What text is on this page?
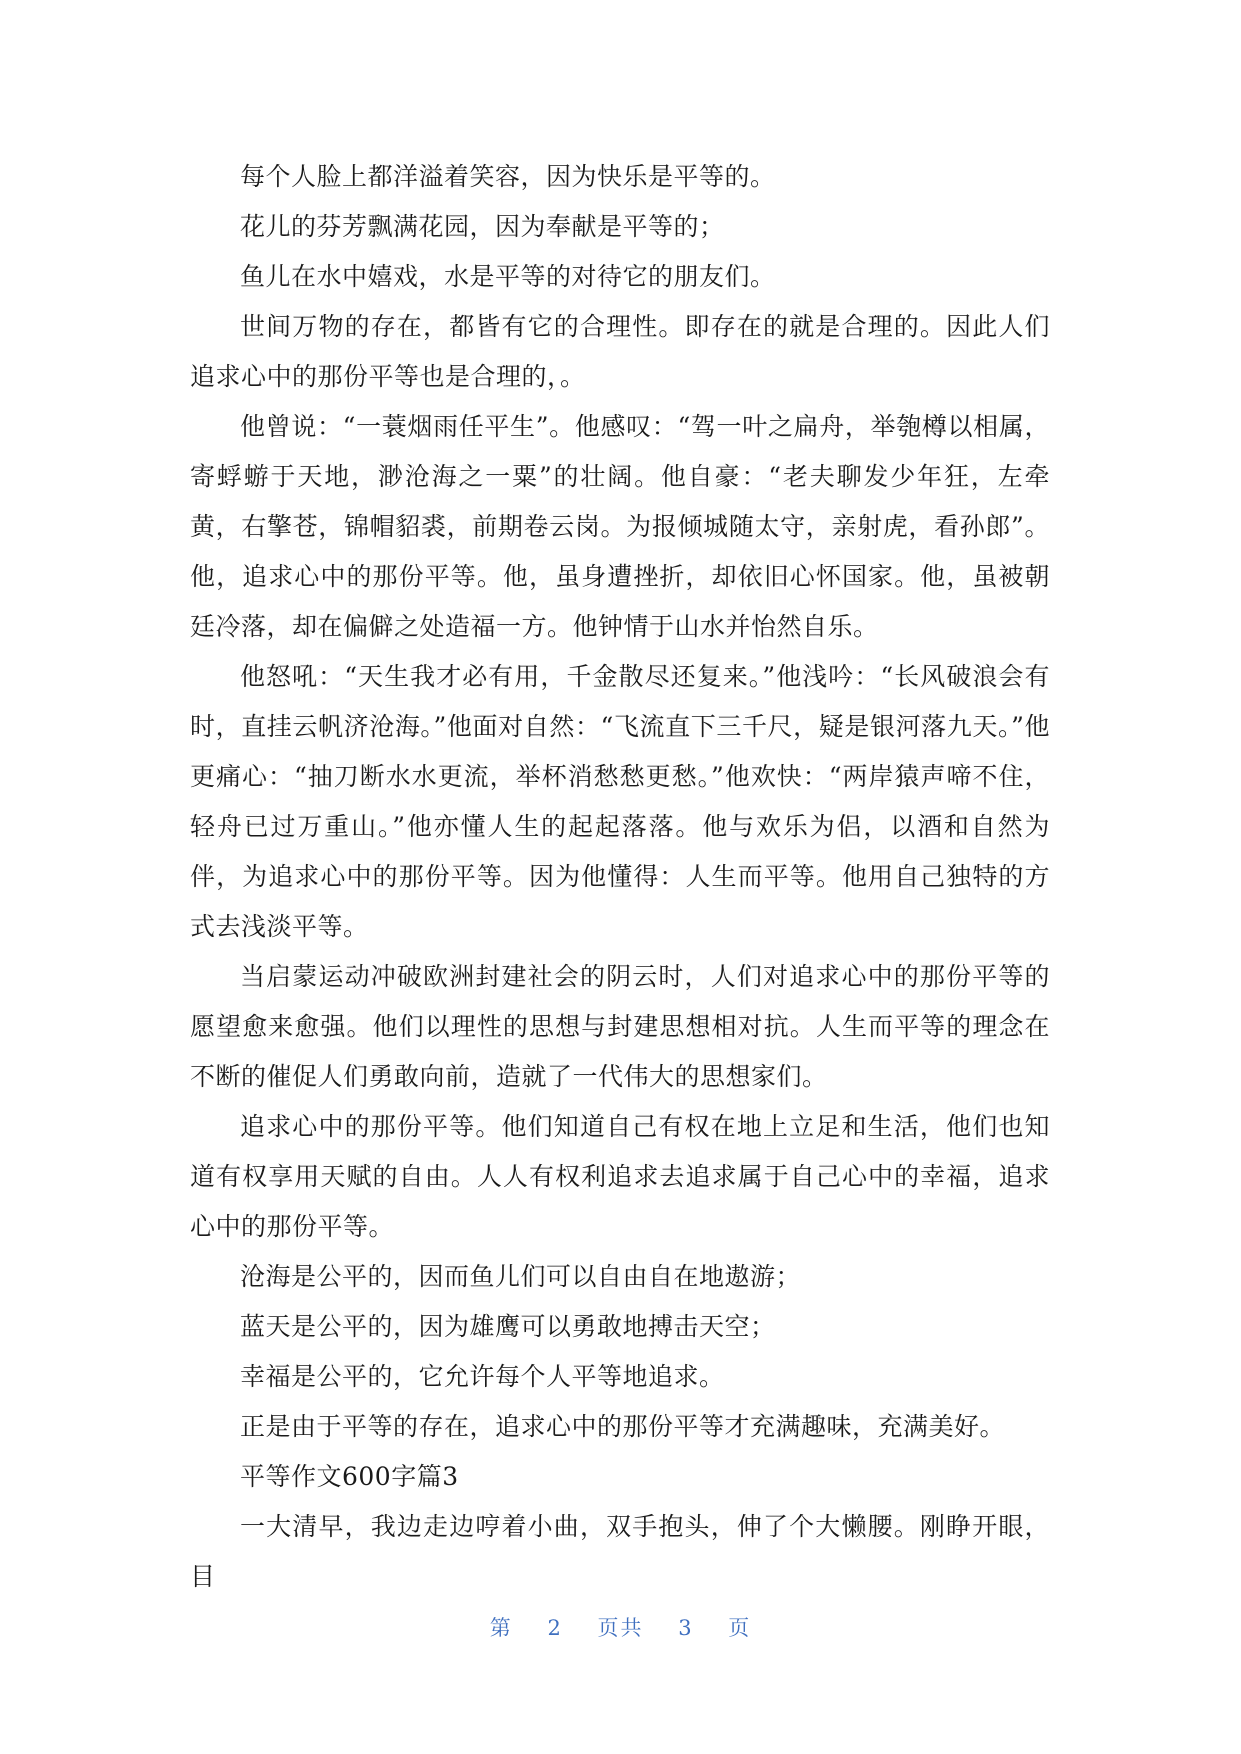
每个人脸上都洋溢着笑容，因为快乐是平等的。

花儿的芬芳飘满花园，因为奉献是平等的；

鱼儿在水中嬉戏，水是平等的对待它的朋友们。

世间万物的存在，都皆有它的合理性。即存在的就是合理的。因此人们追求心中的那份平等也是合理的，。

他曾说：“一蓑烟雨任平生”。他感叹：“驾一叶之扁舟，举匏樽以相属，寄蜉蝣于天地，渺沧海之一粟”的壮阔。他自豪：“老夫聊发少年狂，左牵黄，右擎苍，锦帽貂裘，前期卷云岗。为报倾城随太守，亲射虎，看孙郎”。他，追求心中的那份平等。他，虽身遭挫折，却依旧心怀国家。他，虽被朝廷冷落，却在偏僻之处造福一方。他钟情于山水并怡然自乐。

他怒吼：“天生我才必有用，千金散尽还复来。”他浅吟：“长风破浪会有时，直挂云帆济沧海。”他面对自然：“飞流直下三千尺，疑是银河落九天。”他更痛心：“抽刀断水水更流，举杯消愁愁更愁。”他欢快：“两岸猿声啼不住，轻舟已过万重山。”他亦懂人生的起起落落。他与欢乐为侣，以酒和自然为伴，为追求心中的那份平等。因为他懂得：人生而平等。他用自己独特的方式去浅淡平等。

当启蒙运动冲破欧洲封建社会的阴云时，人们对追求心中的那份平等的愿望愈来愈强。他们以理性的思想与封建思想相对抗。人生而平等的理念在不断的催促人们勇敢向前，造就了一代伟大的思想家们。

追求心中的那份平等。他们知道自己有权在地上立足和生活，他们也知道有权享用天赋的自由。人人有权利追求去追求属于自己心中的幸福，追求心中的那份平等。

沧海是公平的，因而鱼儿们可以自由自在地遨游；

蓝天是公平的，因为雄鹰可以勇敢地搏击天空；

幸福是公平的，它允许每个人平等地追求。

正是由于平等的存在，追求心中的那份平等才充满趣味，充满美好。

平等作文600字篇3

一大清早，我边走边哼着小曲，双手抱头，伸了个大懒腰。刚睁开眼，目

第 2 页共 3 页
